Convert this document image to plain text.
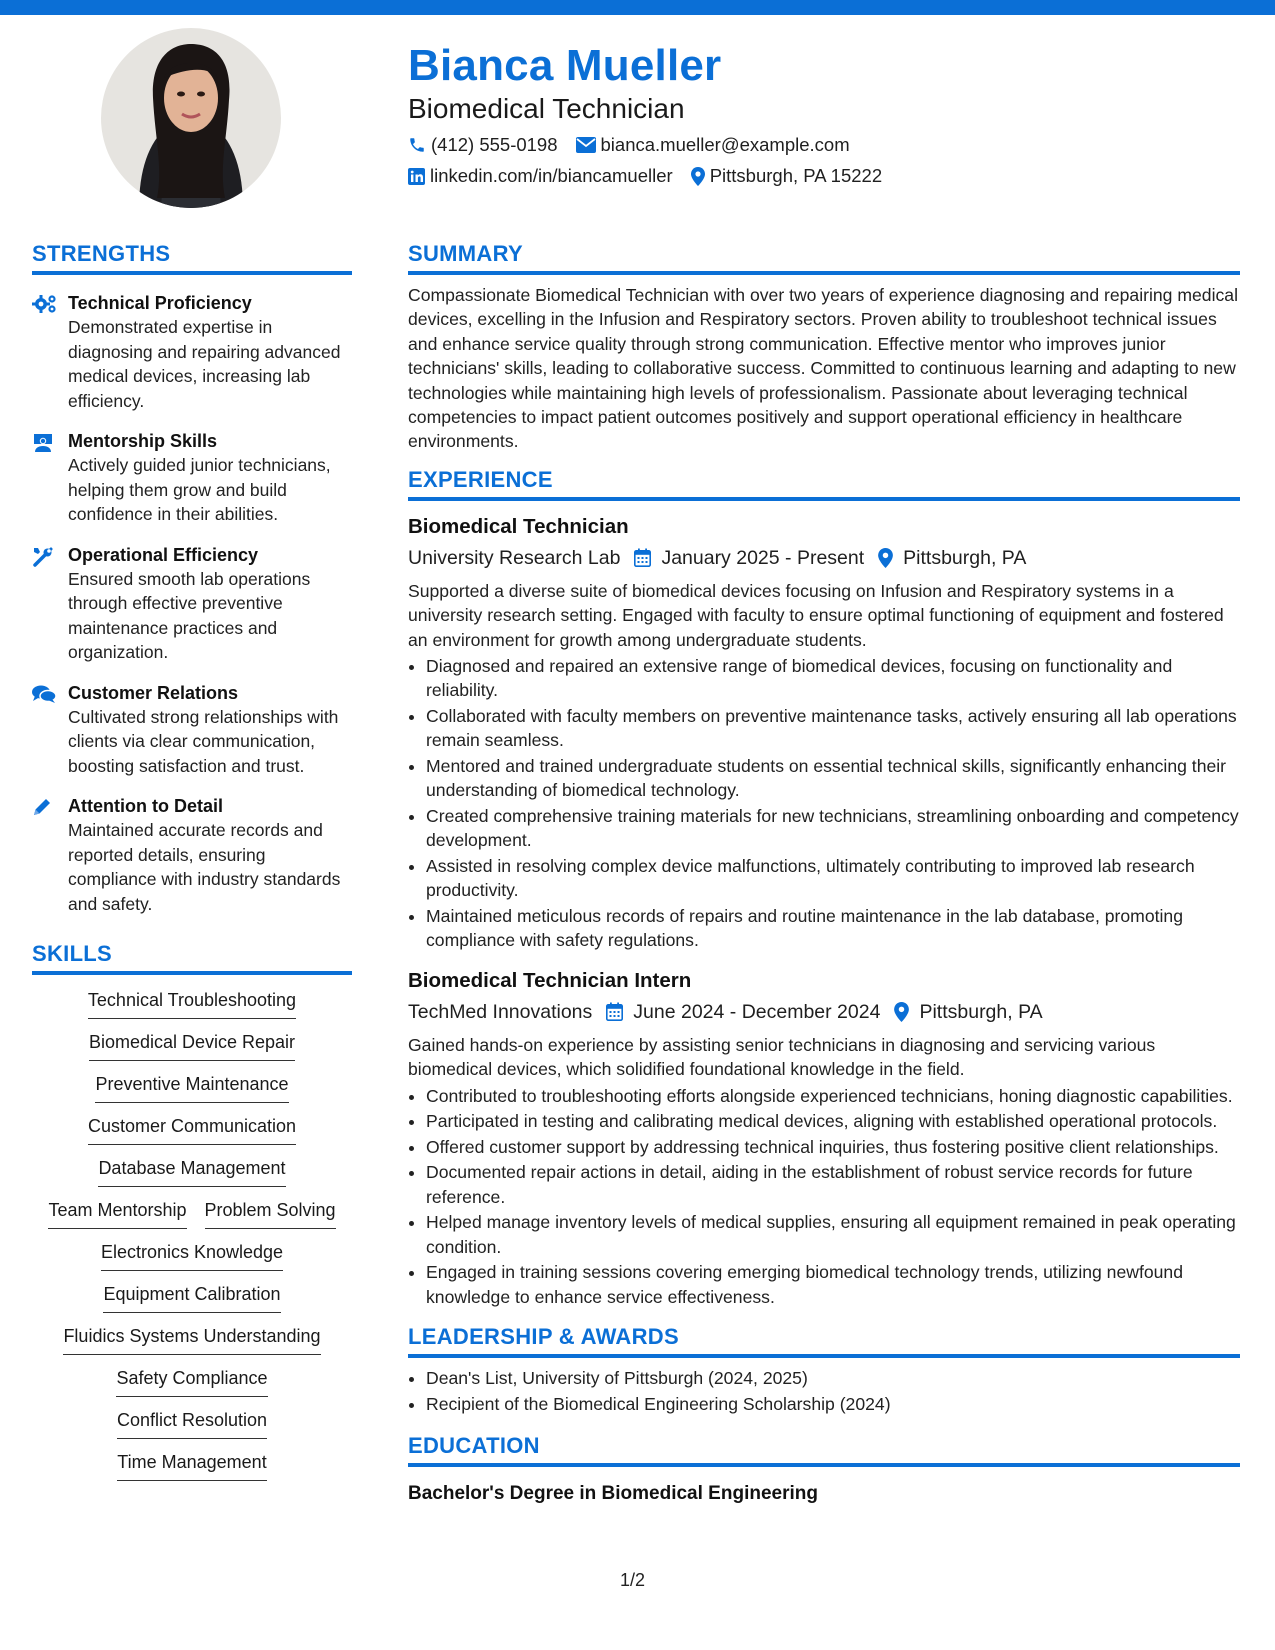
Bianca Mueller
Biomedical Technician
(412) 555-0198 bianca.mueller@example.com
linkedin.com/in/biancamueller Pittsburgh, PA 15222
STRENGTHS
Technical Proficiency
Demonstrated expertise in diagnosing and repairing advanced medical devices, increasing lab efficiency.
Mentorship Skills
Actively guided junior technicians, helping them grow and build confidence in their abilities.
Operational Efficiency
Ensured smooth lab operations through effective preventive maintenance practices and organization.
Customer Relations
Cultivated strong relationships with clients via clear communication, boosting satisfaction and trust.
Attention to Detail
Maintained accurate records and reported details, ensuring compliance with industry standards and safety.
SKILLS
Technical Troubleshooting
Biomedical Device Repair
Preventive Maintenance
Customer Communication
Database Management
Team Mentorship Problem Solving
Electronics Knowledge
Equipment Calibration
Fluidics Systems Understanding
Safety Compliance
Conflict Resolution
Time Management
SUMMARY
Compassionate Biomedical Technician with over two years of experience diagnosing and repairing medical devices, excelling in the Infusion and Respiratory sectors. Proven ability to troubleshoot technical issues and enhance service quality through strong communication. Effective mentor who improves junior technicians' skills, leading to collaborative success. Committed to continuous learning and adapting to new technologies while maintaining high levels of professionalism. Passionate about leveraging technical competencies to impact patient outcomes positively and support operational efficiency in healthcare environments.
EXPERIENCE
Biomedical Technician
University Research Lab January 2025 - Present Pittsburgh, PA
Supported a diverse suite of biomedical devices focusing on Infusion and Respiratory systems in a university research setting. Engaged with faculty to ensure optimal functioning of equipment and fostered an environment for growth among undergraduate students.
• Diagnosed and repaired an extensive range of biomedical devices, focusing on functionality and reliability.
• Collaborated with faculty members on preventive maintenance tasks, actively ensuring all lab operations remain seamless.
• Mentored and trained undergraduate students on essential technical skills, significantly enhancing their understanding of biomedical technology.
• Created comprehensive training materials for new technicians, streamlining onboarding and competency development.
• Assisted in resolving complex device malfunctions, ultimately contributing to improved lab research productivity.
• Maintained meticulous records of repairs and routine maintenance in the lab database, promoting compliance with safety regulations.
Biomedical Technician Intern
TechMed Innovations June 2024 - December 2024 Pittsburgh, PA
Gained hands-on experience by assisting senior technicians in diagnosing and servicing various biomedical devices, which solidified foundational knowledge in the field.
• Contributed to troubleshooting efforts alongside experienced technicians, honing diagnostic capabilities.
• Participated in testing and calibrating medical devices, aligning with established operational protocols.
• Offered customer support by addressing technical inquiries, thus fostering positive client relationships.
• Documented repair actions in detail, aiding in the establishment of robust service records for future reference.
• Helped manage inventory levels of medical supplies, ensuring all equipment remained in peak operating condition.
• Engaged in training sessions covering emerging biomedical technology trends, utilizing newfound knowledge to enhance service effectiveness.
LEADERSHIP & AWARDS
• Dean's List, University of Pittsburgh (2024, 2025)
• Recipient of the Biomedical Engineering Scholarship (2024)
EDUCATION
Bachelor's Degree in Biomedical Engineering
1/2
